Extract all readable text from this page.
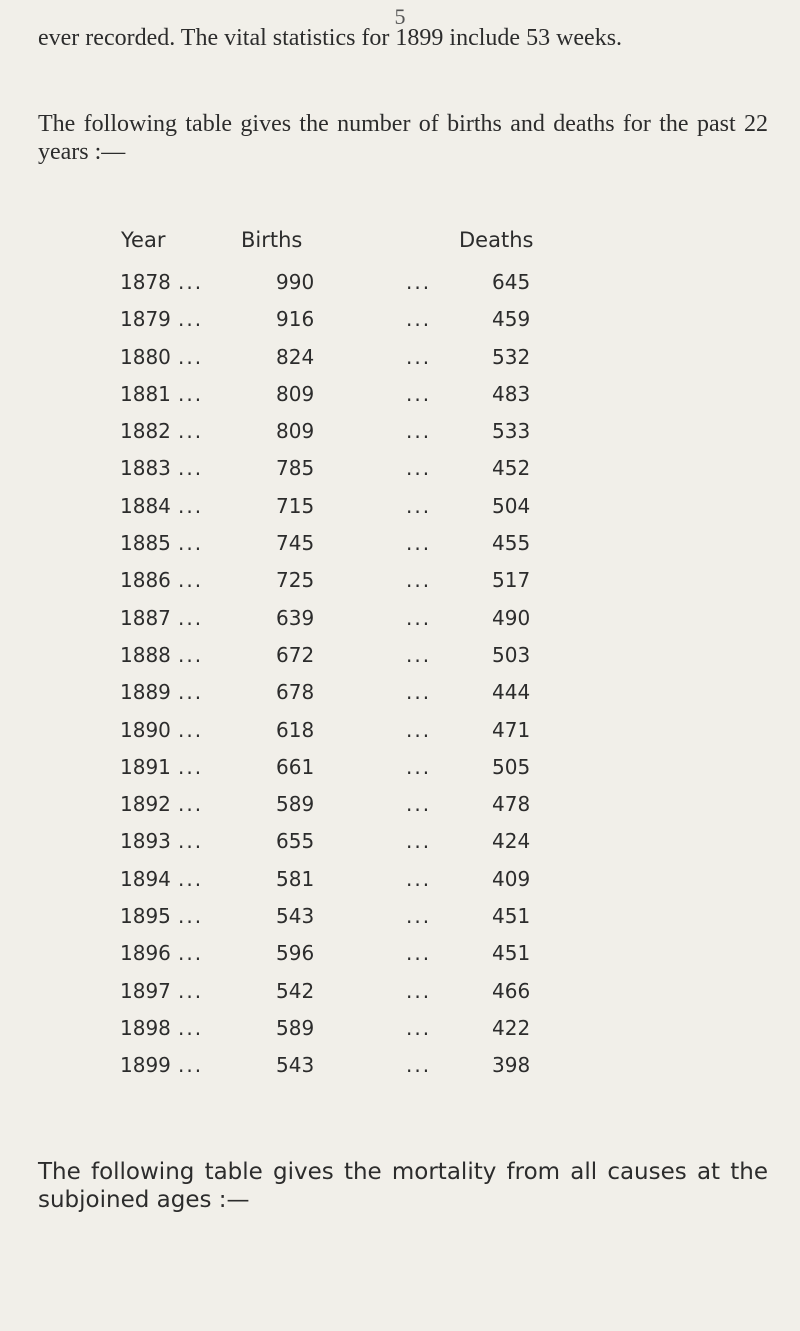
5

ever recorded. The vital statistics for 1899 include 53 weeks.

The following table gives the number of births and deaths for the past 22 years :—

Year	Births	Deaths
1878 ...	990	...	645
1879 ...	916	...	459
1880 ...	824	...	532
1881 ...	809	...	483
1882 ...	809	...	533
1883 ...	785	...	452
1884 ...	715	...	504
1885 ...	745	...	455
1886 ...	725	...	517
1887 ...	639	...	490
1888 ...	672	...	503
1889 ...	678	...	444
1890 ...	618	...	471
1891 ...	661	...	505
1892 ...	589	...	478
1893 ...	655	...	424
1894 ...	581	...	409
1895 ...	543	...	451
1896 ...	596	...	451
1897 ...	542	...	466
1898 ...	589	...	422
1899 ...	543	...	398

The following table gives the mortality from all causes at the subjoined ages :—
